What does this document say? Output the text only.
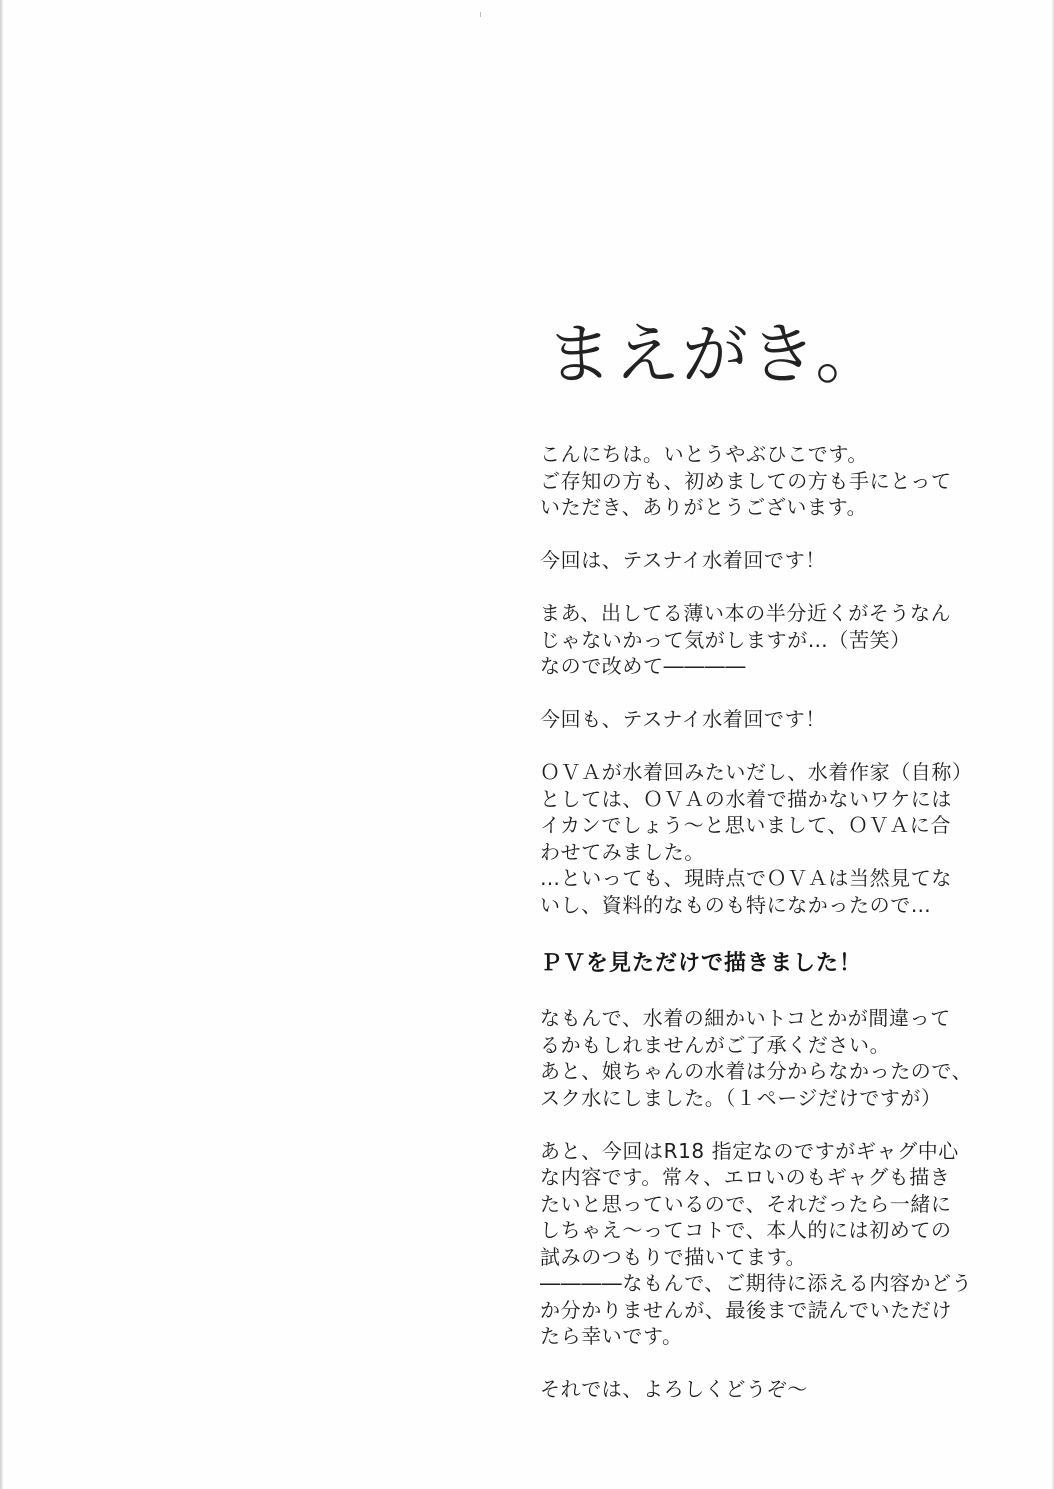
まえがき。
こんにちは。いとうやぶひこです。
ご存知の方も、初めましての方も手にとって
いただき、ありがとうございます。
今回は、テスナイ水着回です！
まあ、出してる薄い本の半分近くがそうなん
じゃないかって気がしますが…（苦笑）
なので改めて――――
今回も、テスナイ水着回です！
ＯＶＡが水着回みたいだし、水着作家（自称）
としては、ＯＶＡの水着で描かないワケには
イカンでしょう～と思いまして、ＯＶＡに合
わせてみました。
…といっても、現時点でＯＶＡは当然見てな
いし、資料的なものも特になかったので…
ＰＶを見ただけで描きました！
なもんで、水着の細かいトコとかが間違って
るかもしれませんがご了承ください。
あと、娘ちゃんの水着は分からなかったので、
スク水にしました。（１ページだけですが）
あと、今回はR18 指定なのですがギャグ中心
な内容です。常々、エロいのもギャグも描き
たいと思っているので、それだったら一緒に
しちゃえ～ってコトで、本人的には初めての
試みのつもりで描いてます。
――――なもんで、ご期待に添える内容かどう
か分かりませんが、最後まで読んでいただけ
たら幸いです。
それでは、よろしくどうぞ～
